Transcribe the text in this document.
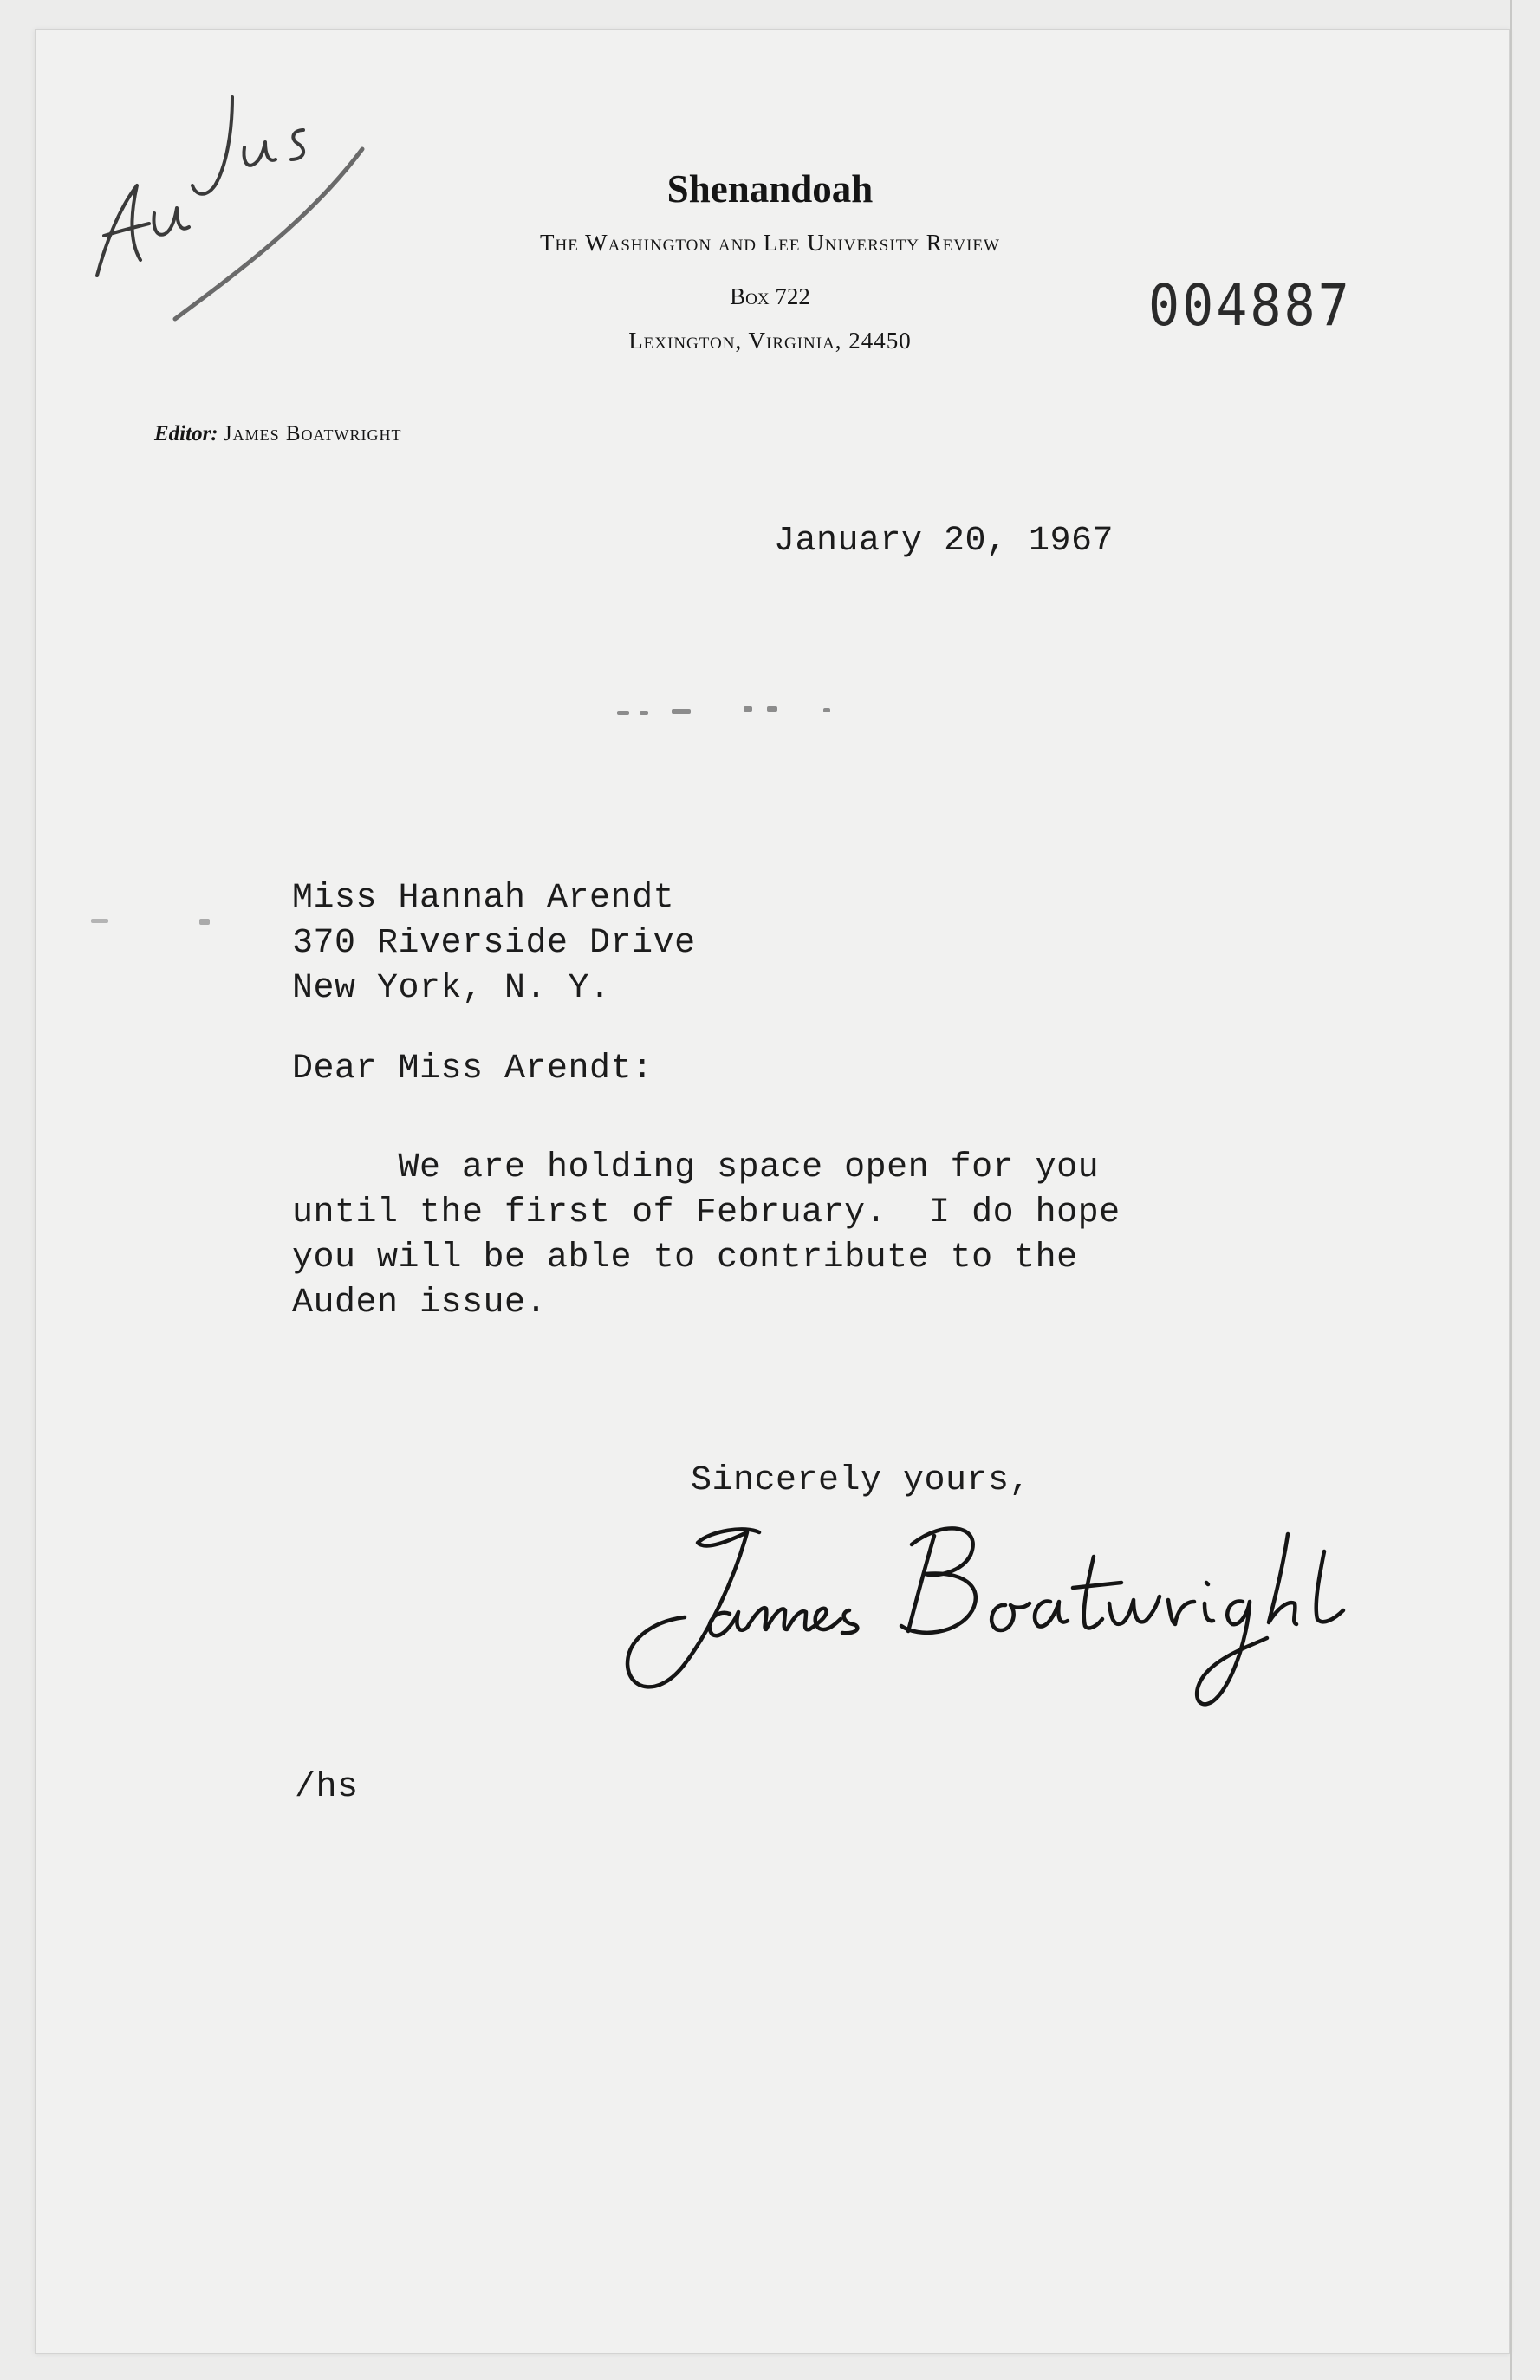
Shenandoah
The Washington and Lee University Review
Box 722
Lexington, Virginia, 24450
Editor: James Boatwright
004887
January 20, 1967
Miss Hannah Arendt
370 Riverside Drive
New York, N. Y.
Dear Miss Arendt:
We are holding space open for you
until the first of February.  I do hope
you will be able to contribute to the
Auden issue.
Sincerely yours,
/hs
